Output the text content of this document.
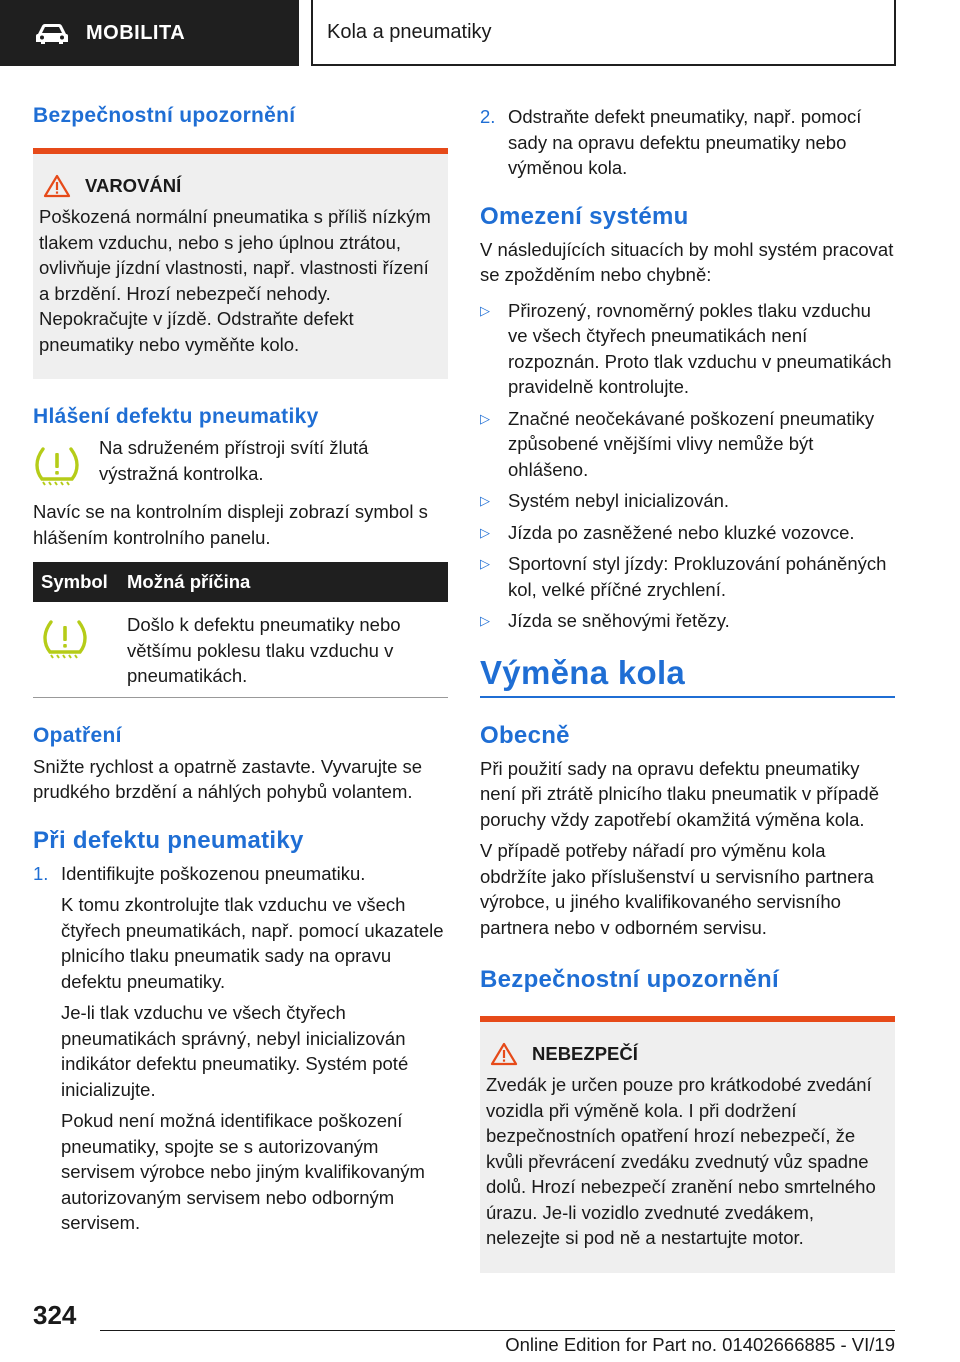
MOBILITA	Kola a pneumatiky
Bezpečnostní upozornění
VAROVÁNÍ

Poškozená normální pneumatika s příliš nízkým tlakem vzduchu, nebo s jeho úplnou ztrátou, ovlivňuje jízdní vlastnosti, např. vlastnosti řízení a brzdění. Hrozí nebezpečí nehody. Nepokračujte v jízdě. Odstraňte defekt pneumatiky nebo vyměňte kolo.

Hlášení defektu pneumatiky

Na sdruženém přístroji svítí žlutá výstražná kontrolka.

Navíc se na kontrolním displeji zobrazí symbol s hlášením kontrolního panelu.

Symbol	Možná příčina
	Došlo k defektu pneumatiky nebo většímu poklesu tlaku vzduchu v pneumatikách.
Opatření

Snižte rychlost a opatrně zastavte. Vyvarujte se prudkého brzdění a náhlých pohybů volantem.

Při defektu pneumatiky
1. Identifikujte poškozenou pneumatiku.

K tomu zkontrolujte tlak vzduchu ve všech čtyřech pneumatikách, např. pomocí ukazatele plnicího tlaku pneumatik sady na opravu defektu pneumatiky.

Je-li tlak vzduchu ve všech čtyřech pneumatikách správný, nebyl inicializován indikátor defektu pneumatiky. Systém poté inicializujte.

Pokud není možná identifikace poškození pneumatiky, spojte se s autorizovaným servisem výrobce nebo jiným kvalifikovaným autorizovaným servisem nebo odborným servisem.

2. Odstraňte defekt pneumatiky, např. pomocí sady na opravu defektu pneumatiky nebo výměnou kola.
Omezení systému

V následujících situacích by mohl systém pracovat se zpožděním nebo chybně:

▷ Přirozený, rovnoměrný pokles tlaku vzduchu ve všech čtyřech pneumatikách není rozpoznán. Proto tlak vzduchu v pneumatikách pravidelně kontrolujte.
▷ Značné neočekávané poškození pneumatiky způsobené vnějšími vlivy nemůže být ohlášeno.
▷ Systém nebyl inicializován.
▷ Jízda po zasněžené nebo kluzké vozovce.
▷ Sportovní styl jízdy: Prokluzování poháněných kol, velké příčné zrychlení.
▷ Jízda se sněhovými řetězy.
Výměna kola
Obecně

Při použití sady na opravu defektu pneumatiky není při ztrátě plnicího tlaku pneumatik v případě poruchy vždy zapotřebí okamžitá výměna kola.

V případě potřeby nářadí pro výměnu kola obdržíte jako příslušenství u servisního partnera výrobce, u jiného kvalifikovaného servisního partnera nebo v odborném servisu.

Bezpečnostní upozornění
NEBEZPEČÍ

Zvedák je určen pouze pro krátkodobé zvedání vozidla při výměně kola. I při dodržení bezpečnostních opatření hrozí nebezpečí, že kvůli převrácení zvedáku zvednutý vůz spadne dolů. Hrozí nebezpečí zranění nebo smrtelného úrazu. Je-li vozidlo zvednuté zvedákem, nelezejte si pod ně a nestartujte motor.

324
Online Edition for Part no. 01402666885 - VI/19
